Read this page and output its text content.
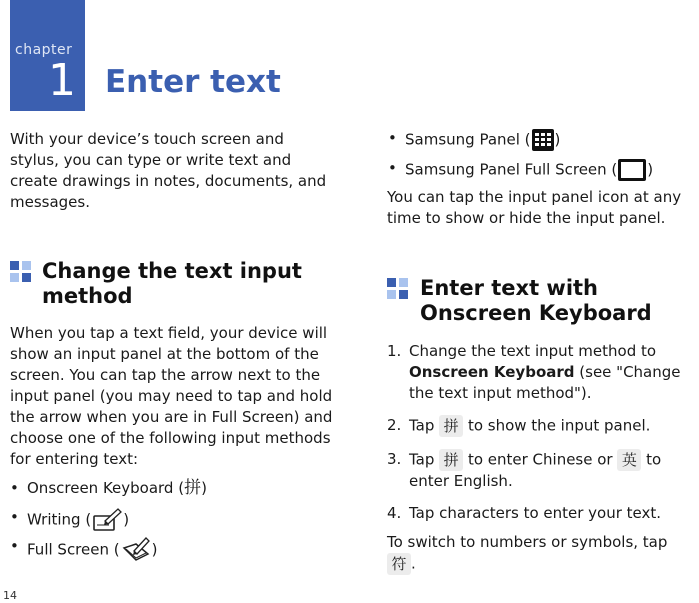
chapter
1 Enter text

With your device’s touch screen and stylus, you can type or write text and create drawings in notes, documents, and messages.

Change the text input
method

When you tap a text field, your device will show an input panel at the bottom of the screen. You can tap the arrow next to the input panel (you may need to tap and hold the arrow when you are in Full Screen) and choose one of the following input methods for entering text:

• Onscreen Keyboard (拼)
• Writing ( )
• Full Screen ( )
• Samsung Panel ( )
• Samsung Panel Full Screen ( )

You can tap the input panel icon at any time to show or hide the input panel.

Enter text with
Onscreen Keyboard
1. Change the text input method to Onscreen Keyboard (see "Change the text input method").
2. Tap 拼 to show the input panel.
3. Tap 拼 to enter Chinese or 英 to enter English.
4. Tap characters to enter your text.
To switch to numbers or symbols, tap
符 .
14
